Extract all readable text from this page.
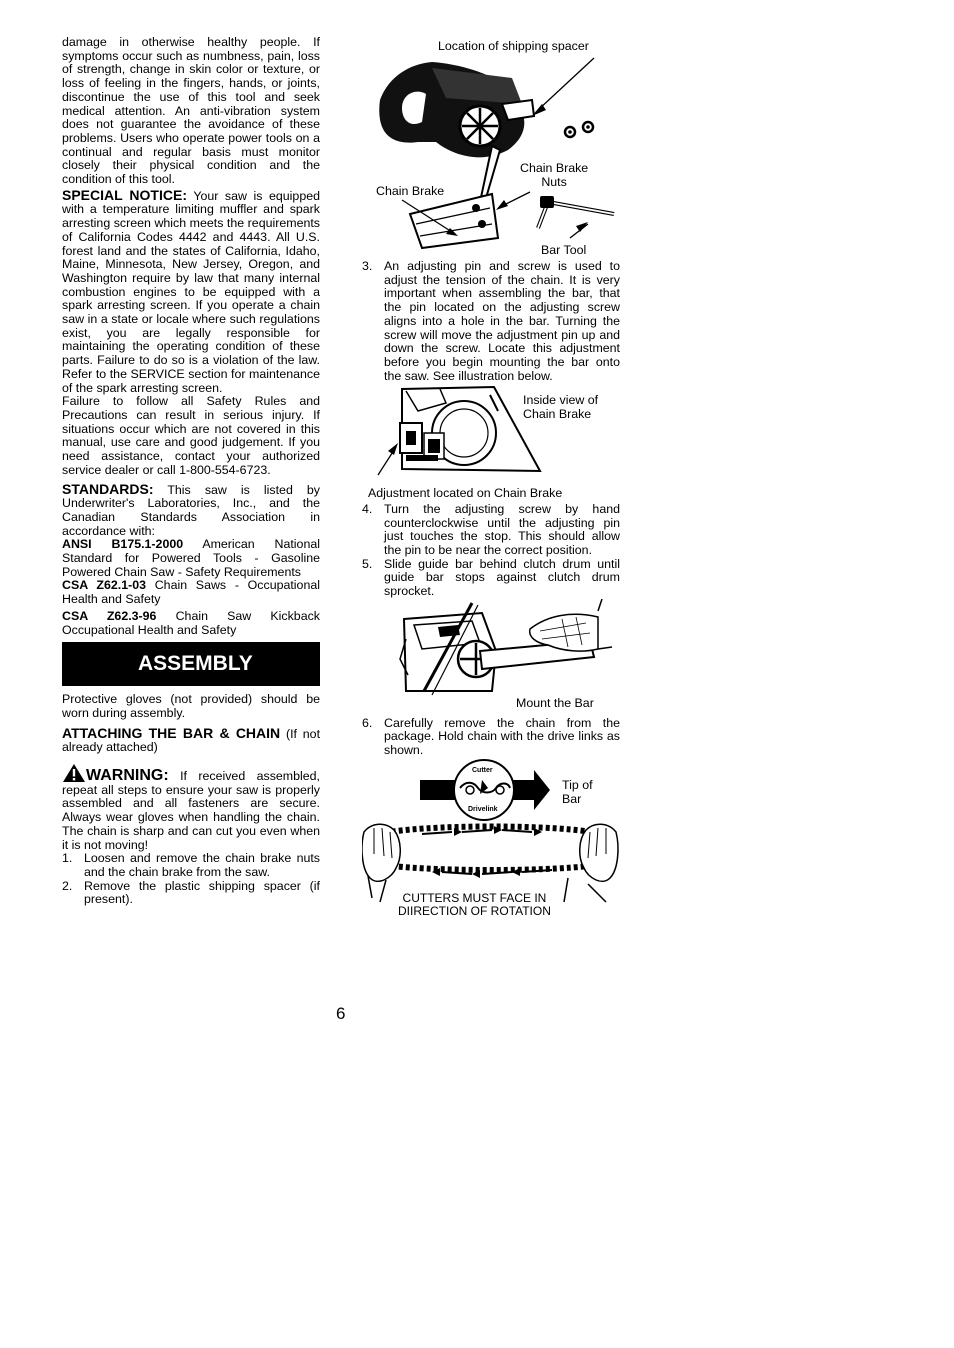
damage in otherwise healthy people. If symptoms occur such as numbness, pain, loss of strength, change in skin color or texture, or loss of feeling in the fingers, hands, or joints, discontinue the use of this tool and seek medical attention. An anti-vibration system does not guarantee the avoidance of these problems. Users who operate power tools on a continual and regular basis must monitor closely their physical condition and the condition of this tool.

SPECIAL NOTICE: Your saw is equipped with a temperature limiting muffler and spark arresting screen which meets the requirements of California Codes 4442 and 4443. All U.S. forest land and the states of California, Idaho, Maine, Minnesota, New Jersey, Oregon, and Washington require by law that many internal combustion engines to be equipped with a spark arresting screen. If you operate a chain saw in a state or locale where such regulations exist, you are legally responsible for maintaining the operating condition of these parts. Failure to do so is a violation of the law. Refer to the SERVICE section for maintenance of the spark arresting screen.

Failure to follow all Safety Rules and Precautions can result in serious injury. If situations occur which are not covered in this manual, use care and good judgement. If you need assistance, contact your authorized service dealer or call 1-800-554-6723.

STANDARDS: This saw is listed by Underwriter's Laboratories, Inc., and the Canadian Standards Association in accordance with:

ANSI B175.1-2000 American National Standard for Powered Tools - Gasoline Powered Chain Saw - Safety Requirements

CSA Z62.1-03 Chain Saws - Occupational Health and Safety

CSA Z62.3-96 Chain Saw Kickback Occupational Health and Safety

ASSEMBLY

Protective gloves (not provided) should be worn during assembly.

ATTACHING THE BAR & CHAIN (If not already attached)

WARNING: If received assembled, repeat all steps to ensure your saw is properly assembled and all fasteners are secure. Always wear gloves when handling the chain. The chain is sharp and can cut you even when it is not moving!

1. Loosen and remove the chain brake nuts and the chain brake from the saw.
2. Remove the plastic shipping spacer (if present).
Location of shipping spacer
Chain Brake
Nuts
Chain Brake
Bar Tool
3. An adjusting pin and screw is used to adjust the tension of the chain. It is very important when assembling the bar, that the pin located on the adjusting screw aligns into a hole in the bar. Turning the screw will move the adjustment pin up and down the screw. Locate this adjustment before you begin mounting the bar onto the saw. See illustration below.
Inside view of
Chain Brake
Adjustment located on Chain Brake
4. Turn the adjusting screw by hand counterclockwise until the adjusting pin just touches the stop. This should allow the pin to be near the correct position.
5. Slide guide bar behind clutch drum until guide bar stops against clutch drum sprocket.
Mount the Bar
6. Carefully remove the chain from the package. Hold chain with the drive links as shown.
Cutter
Drivelink
Tip of
Bar
CUTTERS MUST FACE IN
DIIRECTION OF ROTATION
6
